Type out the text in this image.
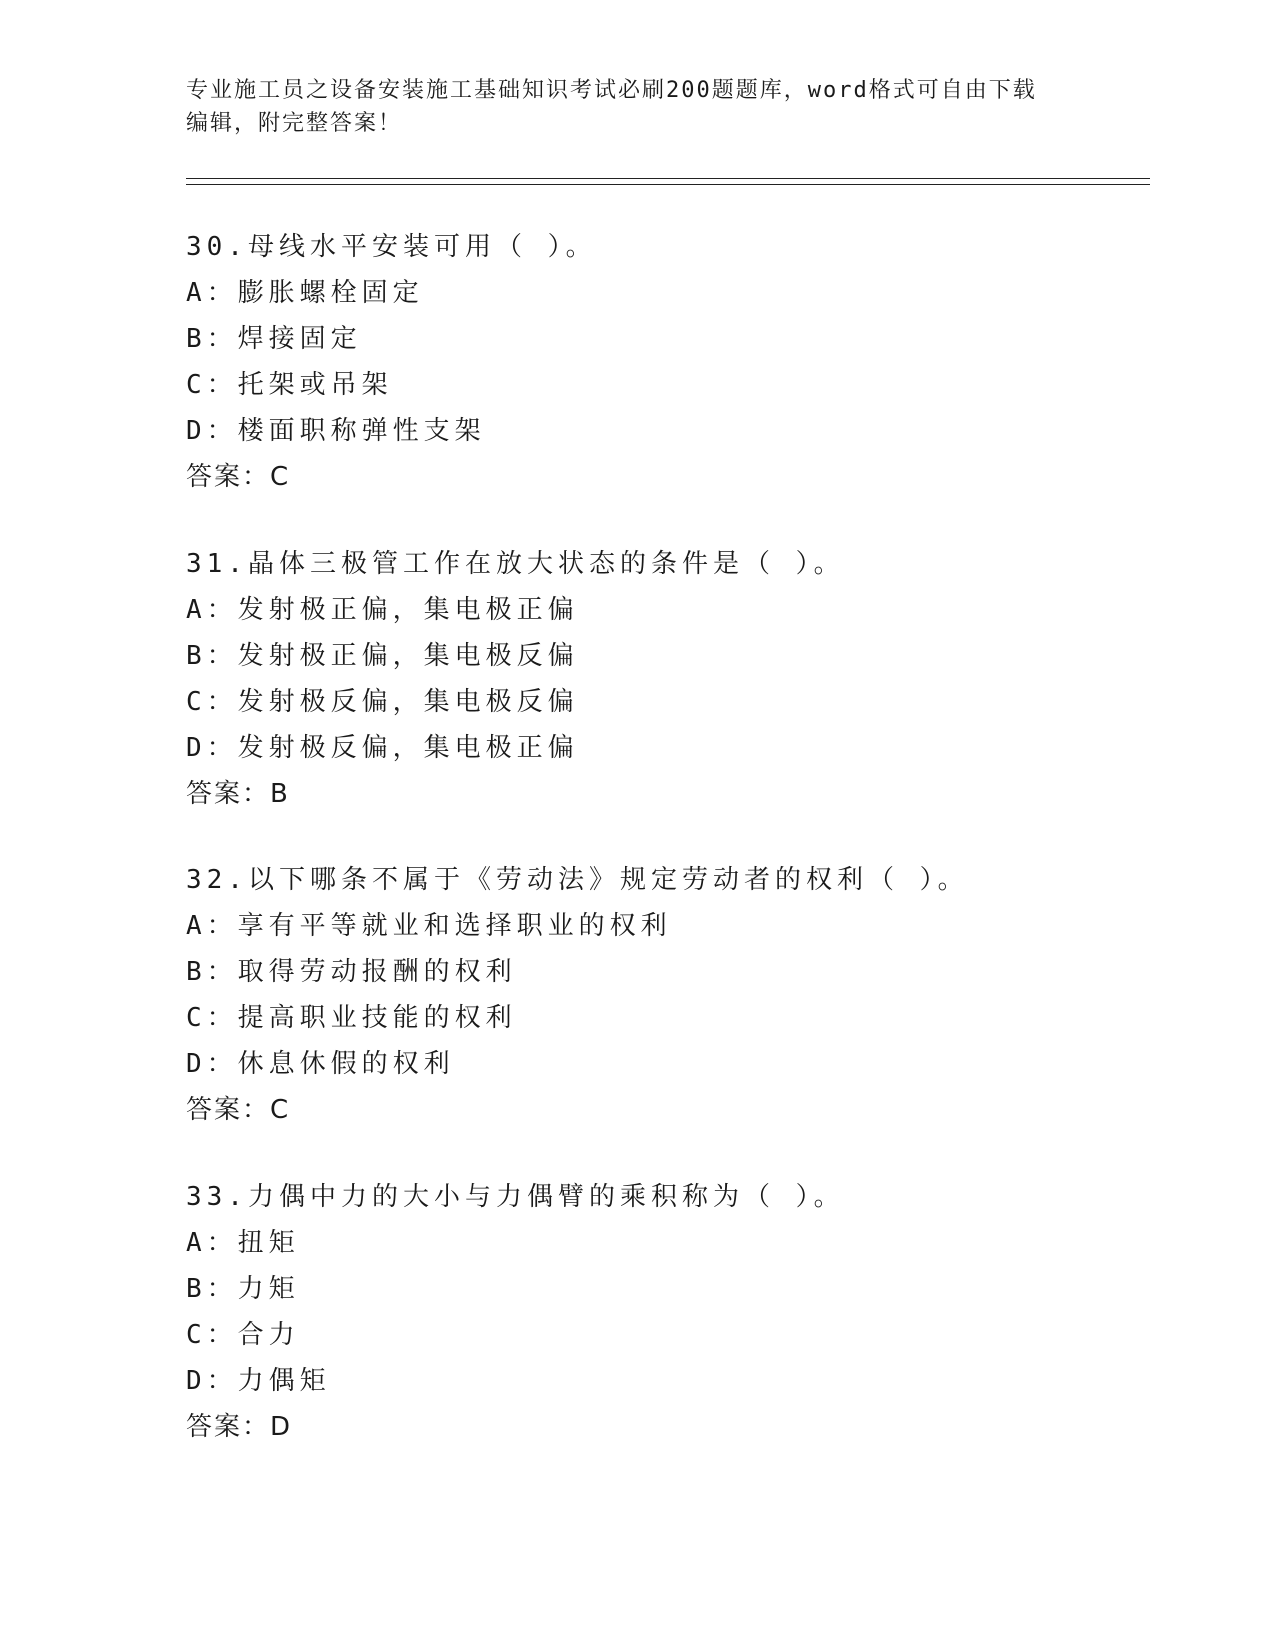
专业施工员之设备安装施工基础知识考试必刷200题题库，word格式可自由下载
编辑，附完整答案！
30.母线水平安装可用（ ）。
A：膨胀螺栓固定
B：焊接固定
C：托架或吊架
D：楼面职称弹性支架
答案：C
31.晶体三极管工作在放大状态的条件是（ ）。
A：发射极正偏，集电极正偏
B：发射极正偏，集电极反偏
C：发射极反偏，集电极反偏
D：发射极反偏，集电极正偏
答案：B
32.以下哪条不属于《劳动法》规定劳动者的权利（ ）。
A：享有平等就业和选择职业的权利
B：取得劳动报酬的权利
C：提高职业技能的权利
D：休息休假的权利
答案：C
33.力偶中力的大小与力偶臂的乘积称为（ ）。
A：扭矩
B：力矩
C：合力
D：力偶矩
答案：D
